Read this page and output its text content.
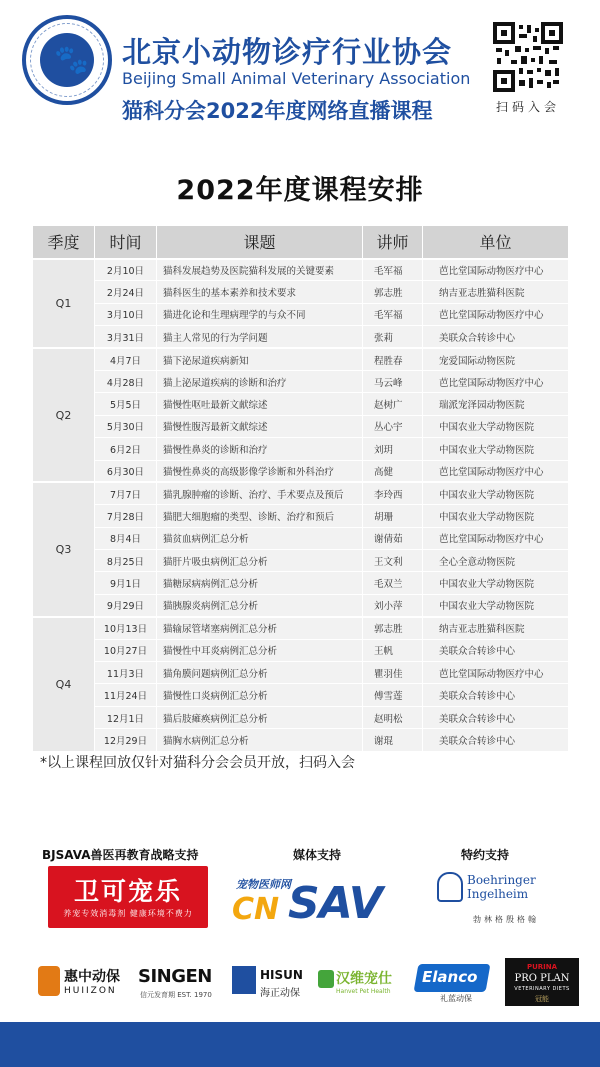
🐾 北京小动物诊疗行业协会
Beijing Small Animal Veterinary Association
猫科分会2022年度网络直播课程	扫码入会
2022年度课程安排
季度	时间	课题	讲师	单位
Q1	2月10日	猫科发展趋势及医院猫科发展的关键要素	毛军福	芭比堂国际动物医疗中心
	2月24日	猫科医生的基本素养和技术要求	郭志胜	纳吉亚志胜猫科医院
	3月10日	猫进化论和生理病理学的与众不同	毛军福	芭比堂国际动物医疗中心
	3月31日	猫主人常见的行为学问题	张莉	美联众合转诊中心
Q2	4月7日	猫下泌尿道疾病新知	程胜春	宠爱国际动物医院
	4月28日	猫上泌尿道疾病的诊断和治疗	马云峰	芭比堂国际动物医疗中心
	5月5日	猫慢性呕吐最新文献综述	赵树广	瑞派宠泽园动物医院
	5月30日	猫慢性腹泻最新文献综述	丛心宇	中国农业大学动物医院
	6月2日	猫慢性鼻炎的诊断和治疗	刘玥	中国农业大学动物医院
	6月30日	猫慢性鼻炎的高级影像学诊断和外科治疗	高健	芭比堂国际动物医疗中心
Q3	7月7日	猫乳腺肿瘤的诊断、治疗、手术要点及预后	李玲西	中国农业大学动物医院
	7月28日	猫肥大细胞瘤的类型、诊断、治疗和预后	胡珊	中国农业大学动物医院
	8月4日	猫贫血病例汇总分析	谢倩茹	芭比堂国际动物医疗中心
	8月25日	猫肝片吸虫病例汇总分析	王文利	全心全意动物医院
	9月1日	猫糖尿病病例汇总分析	毛双兰	中国农业大学动物医院
	9月29日	猫胰腺炎病例汇总分析	刘小萍	中国农业大学动物医院
Q4	10月13日	猫输尿管堵塞病例汇总分析	郭志胜	纳吉亚志胜猫科医院
	10月27日	猫慢性中耳炎病例汇总分析	王帆	美联众合转诊中心
	11月3日	猫角膜问题病例汇总分析	瞿羽佳	芭比堂国际动物医疗中心
	11月24日	猫慢性口炎病例汇总分析	傅雪莲	美联众合转诊中心
	12月1日	猫后肢瘫痪病例汇总分析	赵明松	美联众合转诊中心
	12月29日	猫胸水病例汇总分析	谢琨	美联众合转诊中心
*以上课程回放仅针对猫科分会会员开放，扫码入会
BJSAVA兽医再教育战略支持	媒体支持	特约支持
卫可宠乐
养宠专效消毒剂 健康环境不费力
宠物医师网
CN SAV	Boehringer Ingelheim
勃林格殷格翰
惠中动保
HUIIZON
SINGEN
信元发育期 EST. 1970
HISUN
海正动保
汉维宠仕
Hanvet Pet Health
Elanco
礼蓝动保
PURINA
PRO PLAN
VETERINARY DIETS
冠能
